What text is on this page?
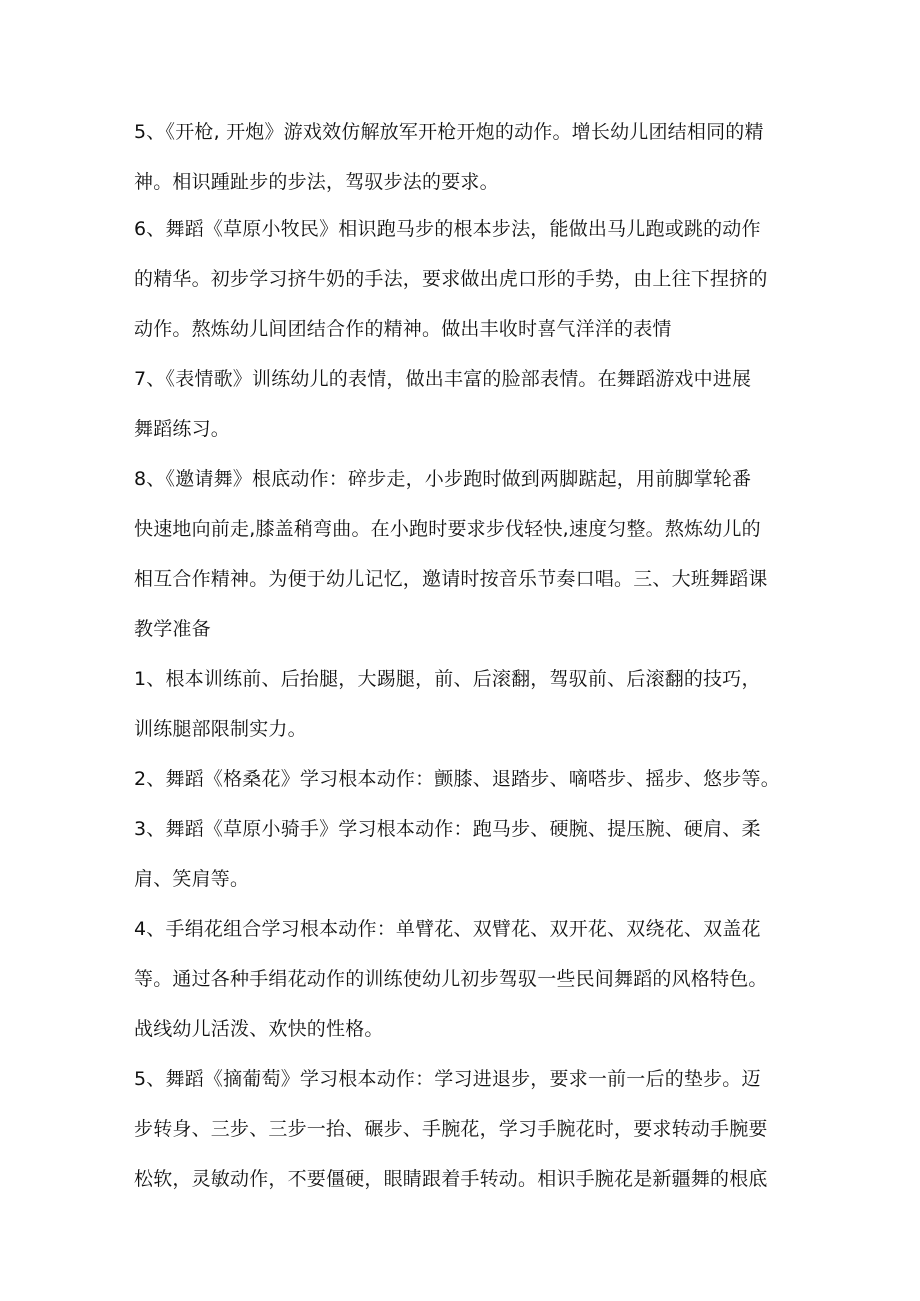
5、《开枪, 开炮》游戏效仿解放军开枪开炮的动作。增长幼儿团结相同的精
神。相识踵趾步的步法，驾驭步法的要求。
6、舞蹈《草原小牧民》相识跑马步的根本步法，能做出马儿跑或跳的动作
的精华。初步学习挤牛奶的手法，要求做出虎口形的手势，由上往下捏挤的
动作。熬炼幼儿间团结合作的精神。做出丰收时喜气洋洋的表情
7、《表情歌》训练幼儿的表情，做出丰富的脸部表情。在舞蹈游戏中进展
舞蹈练习。
8、《邀请舞》根底动作：碎步走，小步跑时做到两脚踮起，用前脚掌轮番
快速地向前走,膝盖稍弯曲。在小跑时要求步伐轻快,速度匀整。熬炼幼儿的
相互合作精神。为便于幼儿记忆，邀请时按音乐节奏口唱。三、大班舞蹈课
教学准备
1、根本训练前、后抬腿，大踢腿，前、后滚翻，驾驭前、后滚翻的技巧，
训练腿部限制实力。
2、舞蹈《格桑花》学习根本动作：颤膝、退踏步、嘀嗒步、摇步、悠步等。
3、舞蹈《草原小骑手》学习根本动作：跑马步、硬腕、提压腕、硬肩、柔
肩、笑肩等。
4、手绢花组合学习根本动作：单臂花、双臂花、双开花、双绕花、双盖花
等。通过各种手绢花动作的训练使幼儿初步驾驭一些民间舞蹈的风格特色。
战线幼儿活泼、欢快的性格。
5、舞蹈《摘葡萄》学习根本动作：学习进退步，要求一前一后的垫步。迈
步转身、三步、三步一抬、碾步、手腕花，学习手腕花时，要求转动手腕要
松软，灵敏动作，不要僵硬，眼睛跟着手转动。相识手腕花是新疆舞的根底
